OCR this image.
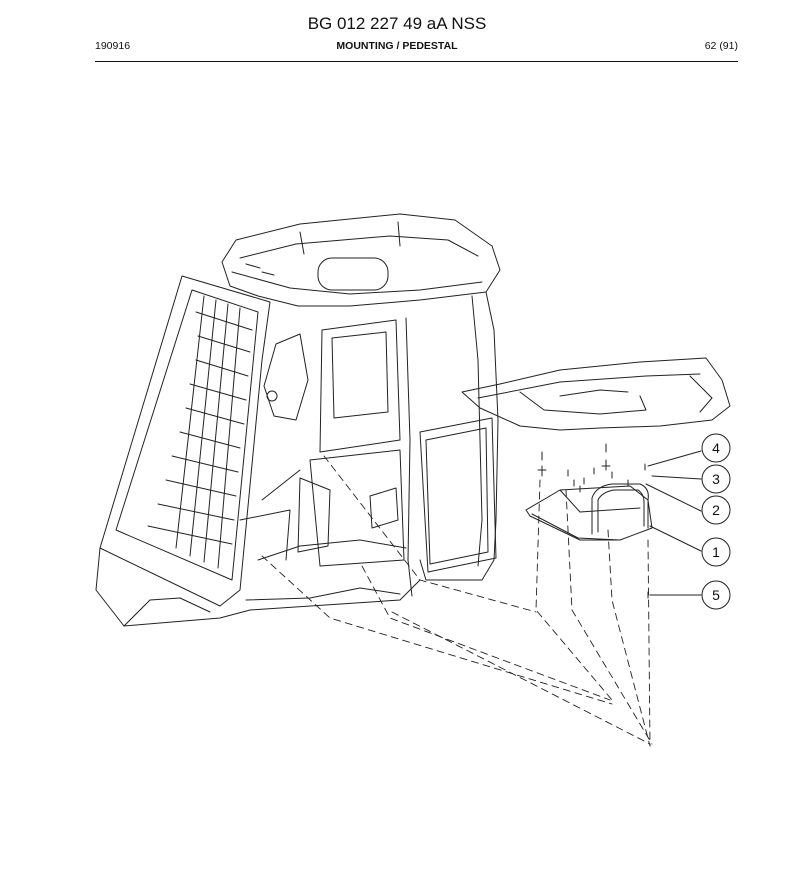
BG 012 227 49 aA NSS
190916	MOUNTING / PEDESTAL	62 (91)
4
3
2
1
5
